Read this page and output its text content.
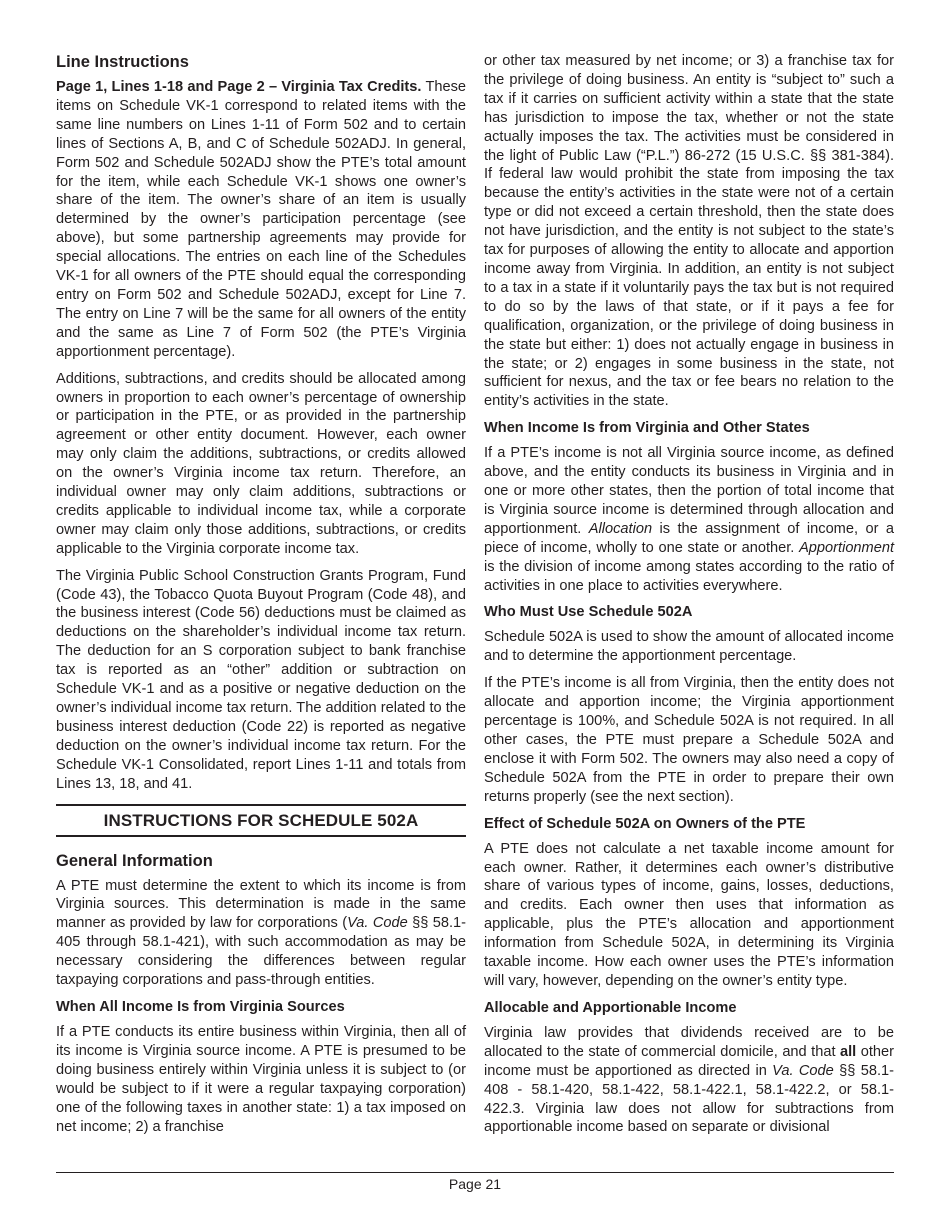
Line Instructions

Page 1, Lines 1-18 and Page 2 – Virginia Tax Credits. These items on Schedule VK-1 correspond to related items with the same line numbers on Lines 1-11 of Form 502 and to certain lines of Sections A, B, and C of Schedule 502ADJ. In general, Form 502 and Schedule 502ADJ show the PTE’s total amount for the item, while each Schedule VK-1 shows one owner’s share of the item. The owner’s share of an item is usually determined by the owner’s participation percentage (see above), but some partnership agreements may provide for special allocations. The entries on each line of the Schedules VK-1 for all owners of the PTE should equal the corresponding entry on Form 502 and Schedule 502ADJ, except for Line 7. The entry on Line 7 will be the same for all owners of the entity and the same as Line 7 of Form 502 (the PTE’s Virginia apportionment percentage).

Additions, subtractions, and credits should be allocated among owners in proportion to each owner’s percentage of ownership or participation in the PTE, or as provided in the partnership agreement or other entity document. However, each owner may only claim the additions, subtractions, or credits allowed on the owner’s Virginia income tax return. Therefore, an individual owner may only claim additions, subtractions or credits applicable to individual income tax, while a corporate owner may claim only those additions, subtractions, or credits applicable to the Virginia corporate income tax.

The Virginia Public School Construction Grants Program, Fund (Code 43), the Tobacco Quota Buyout Program (Code 48), and the business interest (Code 56) deductions must be claimed as deductions on the shareholder’s individual income tax return. The deduction for an S corporation subject to bank franchise tax is reported as an “other” addition or subtraction on Schedule VK-1 and as a positive or negative deduction on the owner’s individual income tax return. The addition related to the business interest deduction (Code 22) is reported as negative deduction on the owner’s individual income tax return. For the Schedule VK-1 Consolidated, report Lines 1-11 and totals from Lines 13, 18, and 41.

INSTRUCTIONS FOR SCHEDULE 502A
General Information

A PTE must determine the extent to which its income is from Virginia sources. This determination is made in the same manner as provided by law for corporations (Va. Code §§ 58.1-405 through 58.1-421), with such accommodation as may be necessary considering the differences between regular taxpaying corporations and pass-through entities.

When All Income Is from Virginia Sources

If a PTE conducts its entire business within Virginia, then all of its income is Virginia source income. A PTE is presumed to be doing business entirely within Virginia unless it is subject to (or would be subject to if it were a regular taxpaying corporation) one of the following taxes in another state: 1) a tax imposed on net income; 2) a franchise

or other tax measured by net income; or 3) a franchise tax for the privilege of doing business. An entity is “subject to” such a tax if it carries on sufficient activity within a state that the state has jurisdiction to impose the tax, whether or not the state actually imposes the tax. The activities must be considered in the light of Public Law (“P.L.”) 86-272 (15 U.S.C. §§ 381-384). If federal law would prohibit the state from imposing the tax because the entity’s activities in the state were not of a certain type or did not exceed a certain threshold, then the state does not have jurisdiction, and the entity is not subject to the state’s tax for purposes of allowing the entity to allocate and apportion income away from Virginia. In addition, an entity is not subject to a tax in a state if it voluntarily pays the tax but is not required to do so by the laws of that state, or if it pays a fee for qualification, organization, or the privilege of doing business in the state but either: 1) does not actually engage in business in the state; or 2) engages in some business in the state, not sufficient for nexus, and the tax or fee bears no relation to the entity’s activities in the state.

When Income Is from Virginia and Other States

If a PTE’s income is not all Virginia source income, as defined above, and the entity conducts its business in Virginia and in one or more other states, then the portion of total income that is Virginia source income is determined through allocation and apportionment. Allocation is the assignment of income, or a piece of income, wholly to one state or another. Apportionment is the division of income among states according to the ratio of activities in one place to activities everywhere.

Who Must Use Schedule 502A

Schedule 502A is used to show the amount of allocated income and to determine the apportionment percentage.

If the PTE’s income is all from Virginia, then the entity does not allocate and apportion income; the Virginia apportionment percentage is 100%, and Schedule 502A is not required. In all other cases, the PTE must prepare a Schedule 502A and enclose it with Form 502. The owners may also need a copy of Schedule 502A from the PTE in order to prepare their own returns properly (see the next section).

Effect of Schedule 502A on Owners of the PTE

A PTE does not calculate a net taxable income amount for each owner. Rather, it determines each owner’s distributive share of various types of income, gains, losses, deductions, and credits. Each owner then uses that information as applicable, plus the PTE’s allocation and apportionment information from Schedule 502A, in determining its Virginia taxable income. How each owner uses the PTE’s information will vary, however, depending on the owner’s entity type.

Allocable and Apportionable Income

Virginia law provides that dividends received are to be allocated to the state of commercial domicile, and that all other income must be apportioned as directed in Va. Code §§ 58.1-408 - 58.1-420, 58.1-422, 58.1-422.1, 58.1-422.2, or 58.1-422.3. Virginia law does not allow for subtractions from apportionable income based on separate or divisional

Page 21
